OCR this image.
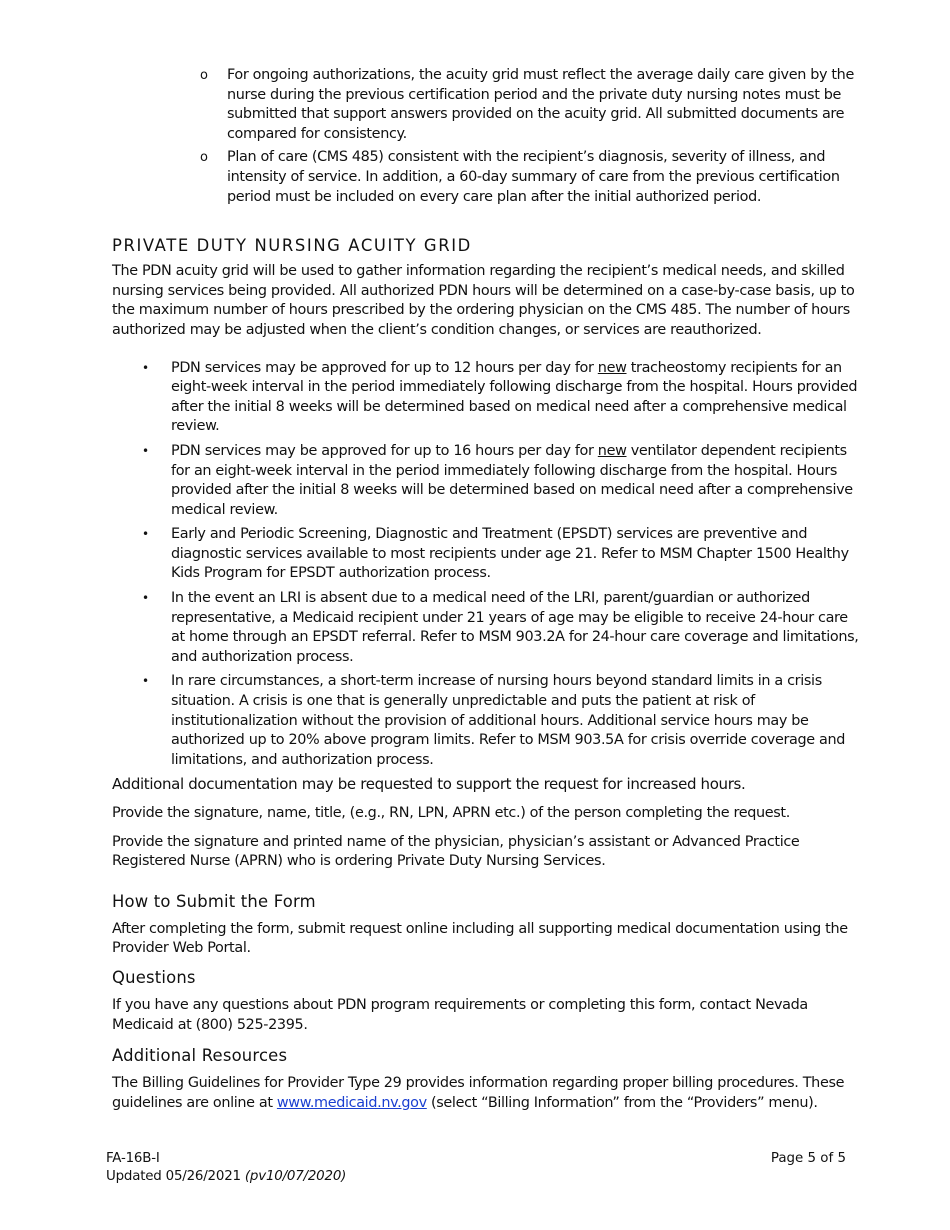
o For ongoing authorizations, the acuity grid must reflect the average daily care given by the nurse during the previous certification period and the private duty nursing notes must be submitted that support answers provided on the acuity grid. All submitted documents are compared for consistency.
o Plan of care (CMS 485) consistent with the recipient’s diagnosis, severity of illness, and intensity of service. In addition, a 60-day summary of care from the previous certification period must be included on every care plan after the initial authorized period.
PRIVATE DUTY NURSING ACUITY GRID

The PDN acuity grid will be used to gather information regarding the recipient’s medical needs, and skilled nursing services being provided. All authorized PDN hours will be determined on a case-by-case basis, up to the maximum number of hours prescribed by the ordering physician on the CMS 485. The number of hours authorized may be adjusted when the client’s condition changes, or services are reauthorized.

• PDN services may be approved for up to 12 hours per day for new tracheostomy recipients for an eight-week interval in the period immediately following discharge from the hospital. Hours provided after the initial 8 weeks will be determined based on medical need after a comprehensive medical review.
• PDN services may be approved for up to 16 hours per day for new ventilator dependent recipients for an eight-week interval in the period immediately following discharge from the hospital. Hours provided after the initial 8 weeks will be determined based on medical need after a comprehensive medical review.
• Early and Periodic Screening, Diagnostic and Treatment (EPSDT) services are preventive and diagnostic services available to most recipients under age 21. Refer to MSM Chapter 1500 Healthy Kids Program for EPSDT authorization process.
• In the event an LRI is absent due to a medical need of the LRI, parent/guardian or authorized representative, a Medicaid recipient under 21 years of age may be eligible to receive 24-hour care at home through an EPSDT referral. Refer to MSM 903.2A for 24-hour care coverage and limitations, and authorization process.
• In rare circumstances, a short-term increase of nursing hours beyond standard limits in a crisis situation. A crisis is one that is generally unpredictable and puts the patient at risk of institutionalization without the provision of additional hours. Additional service hours may be authorized up to 20% above program limits. Refer to MSM 903.5A for crisis override coverage and limitations, and authorization process.

Additional documentation may be requested to support the request for increased hours.

Provide the signature, name, title, (e.g., RN, LPN, APRN etc.) of the person completing the request.

Provide the signature and printed name of the physician, physician’s assistant or Advanced Practice Registered Nurse (APRN) who is ordering Private Duty Nursing Services.

How to Submit the Form

After completing the form, submit request online including all supporting medical documentation using the Provider Web Portal.

Questions

If you have any questions about PDN program requirements or completing this form, contact Nevada Medicaid at (800) 525-2395.

Additional Resources

The Billing Guidelines for Provider Type 29 provides information regarding proper billing procedures. These guidelines are online at www.medicaid.nv.gov (select “Billing Information” from the “Providers” menu).

FA-16B-I
Updated 05/26/2021 (pv10/07/2020)
Page 5 of 5
